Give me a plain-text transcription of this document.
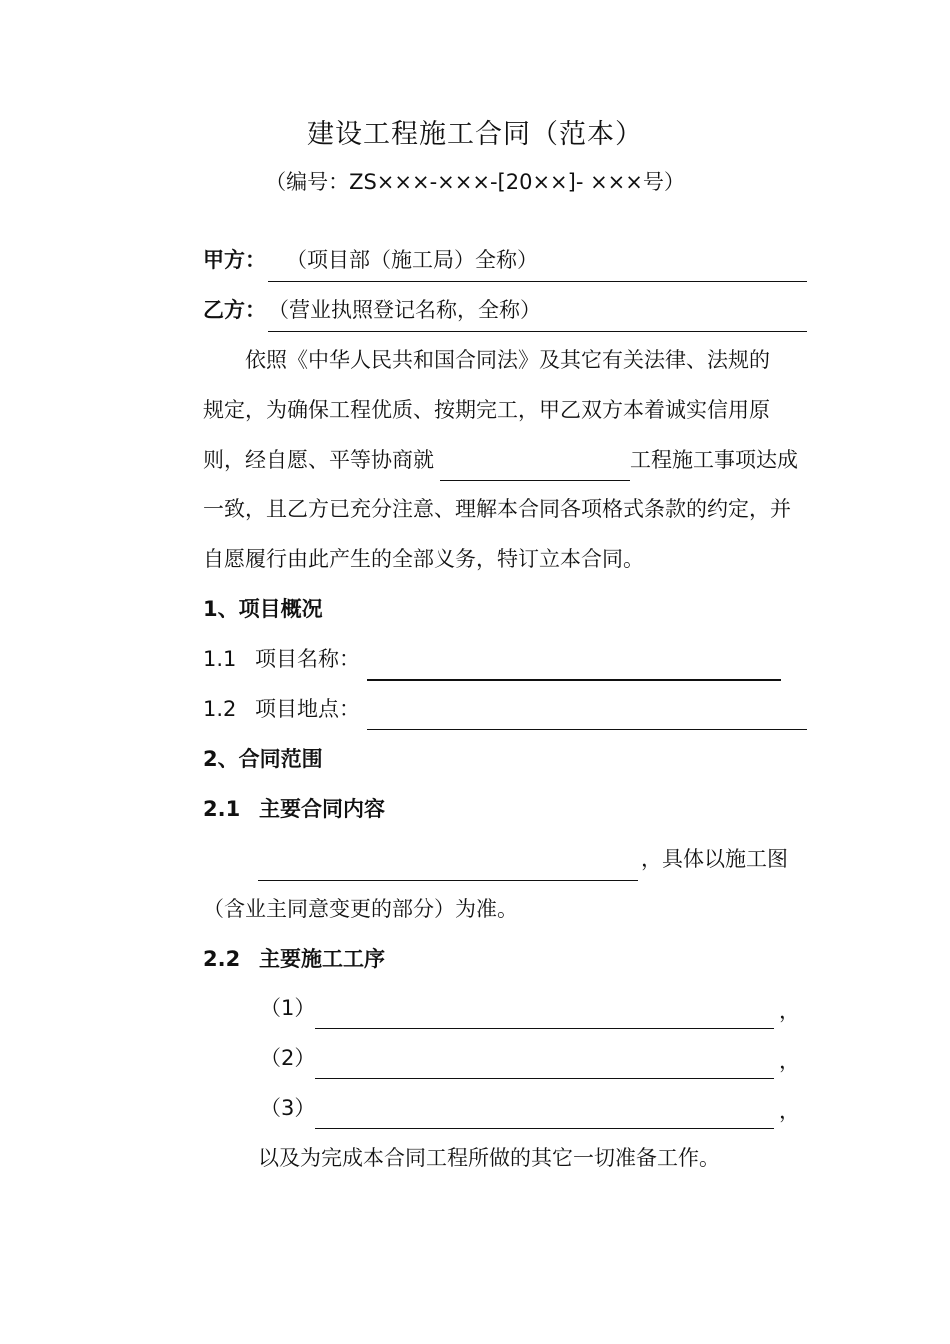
建设工程施工合同（范本）
（编号：ZS×××-×××-[20××]- ×××号）
甲方： （项目部（施工局）全称）
乙方： （营业执照登记名称，全称）
依照《中华人民共和国合同法》及其它有关法律、法规的
规定，为确保工程优质、按期完工，甲乙双方本着诚实信用原
则，经自愿、平等协商就	工程施工事项达成
一致，且乙方已充分注意、理解本合同各项格式条款的约定，并
自愿履行由此产生的全部义务，特订立本合同。
1、项目概况
1.1 项目名称：
1.2 项目地点：
2、合同范围
2.1 主要合同内容
，具体以施工图
（含业主同意变更的部分）为准。
2.2 主要施工工序
（1）	，
（2）	，
（3）	，
以及为完成本合同工程所做的其它一切准备工作。
